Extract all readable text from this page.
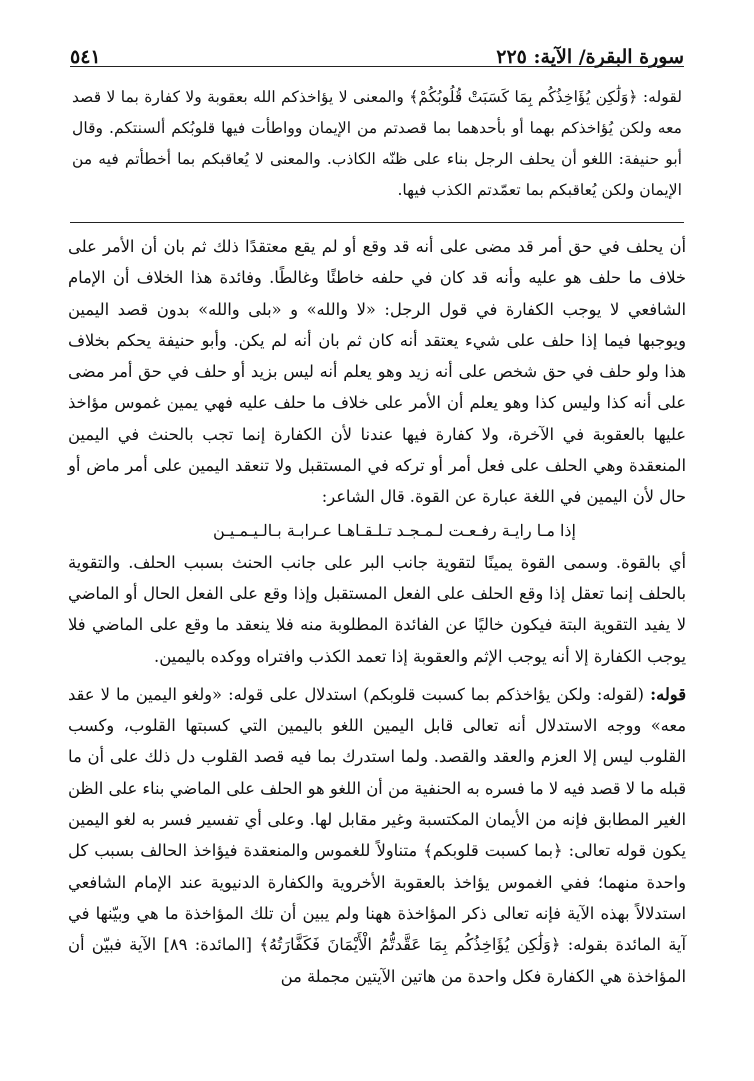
سورة البقرة/ الآية: ٢٢٥
٥٤١

لقوله: ﴿وَلَٰكِن يُؤَاخِذُكُم بِمَا كَسَبَتْ قُلُوبُكُمْ﴾ والمعنى لا يؤاخذكم الله بعقوبة ولا كفارة بما لا قصد معه ولكن يُؤاخذكم بهما أو بأحدهما بما قصدتم من الإيمان وواطأت فيها قلوبُكم ألسنتكم. وقال أبو حنيفة: اللغو أن يحلف الرجل بناء على ظنّه الكاذب. والمعنى لا يُعاقبكم بما أخطأتم فيه من الإيمان ولكن يُعاقبكم بما تعمّدتم الكذب فيها.

أن يحلف في حق أمر قد مضى على أنه قد وقع أو لم يقع معتقدًا ذلك ثم بان أن الأمر على خلاف ما حلف هو عليه وأنه قد كان في حلفه خاطئًا وغالطًا. وفائدة هذا الخلاف أن الإمام الشافعي لا يوجب الكفارة في قول الرجل: «لا والله» و «بلى والله» بدون قصد اليمين ويوجبها فيما إذا حلف على شيء يعتقد أنه كان ثم بان أنه لم يكن. وأبو حنيفة يحكم بخلاف هذا ولو حلف في حق شخص على أنه زيد وهو يعلم أنه ليس بزيد أو حلف في حق أمر مضى على أنه كذا وليس كذا وهو يعلم أن الأمر على خلاف ما حلف عليه فهي يمين غموس مؤاخذ عليها بالعقوبة في الآخرة، ولا كفارة فيها عندنا لأن الكفارة إنما تجب بالحنث في اليمين المنعقدة وهي الحلف على فعل أمر أو تركه في المستقبل ولا تنعقد اليمين على أمر ماض أو حال لأن اليمين في اللغة عبارة عن القوة. قال الشاعر:

إذا مـا رايـة رفـعـت لـمـجـد
تـلـقـاهـا عـرابـة بـالـيـمـيـن

أي بالقوة. وسمى القوة يمينًا لتقوية جانب البر على جانب الحنث بسبب الحلف. والتقوية بالحلف إنما تعقل إذا وقع الحلف على الفعل المستقبل وإذا وقع على الفعل الحال أو الماضي لا يفيد التقوية البتة فيكون خاليًا عن الفائدة المطلوبة منه فلا ينعقد ما وقع على الماضي فلا يوجب الكفارة إلا أنه يوجب الإثم والعقوبة إذا تعمد الكذب وافتراه ووكده باليمين.

قوله: (لقوله: ولكن يؤاخذكم بما كسبت قلوبكم) استدلال على قوله: «ولغو اليمين ما لا عقد معه» ووجه الاستدلال أنه تعالى قابل اليمين اللغو باليمين التي كسبتها القلوب، وكسب القلوب ليس إلا العزم والعقد والقصد. ولما استدرك بما فيه قصد القلوب دل ذلك على أن ما قبله ما لا قصد فيه لا ما فسره به الحنفية من أن اللغو هو الحلف على الماضي بناء على الظن الغير المطابق فإنه من الأيمان المكتسبة وغير مقابل لها. وعلى أي تفسير فسر به لغو اليمين يكون قوله تعالى: ﴿بما كسبت قلوبكم﴾ متناولاً للغموس والمنعقدة فيؤاخذ الحالف بسبب كل واحدة منهما؛ ففي الغموس يؤاخذ بالعقوبة الأخروية والكفارة الدنيوية عند الإمام الشافعي استدلالاً بهذه الآية فإنه تعالى ذكر المؤاخذة ههنا ولم يبين أن تلك المؤاخذة ما هي وبيّنها في آية المائدة بقوله: ﴿وَلَٰكِن يُؤَاخِذُكُم بِمَا عَقَّدتُّمُ الْأَيْمَانَ فَكَفَّارَتُهُ﴾ [المائدة: ٨٩] الآية فبيّن أن المؤاخذة هي الكفارة فكل واحدة من هاتين الآيتين مجملة من
